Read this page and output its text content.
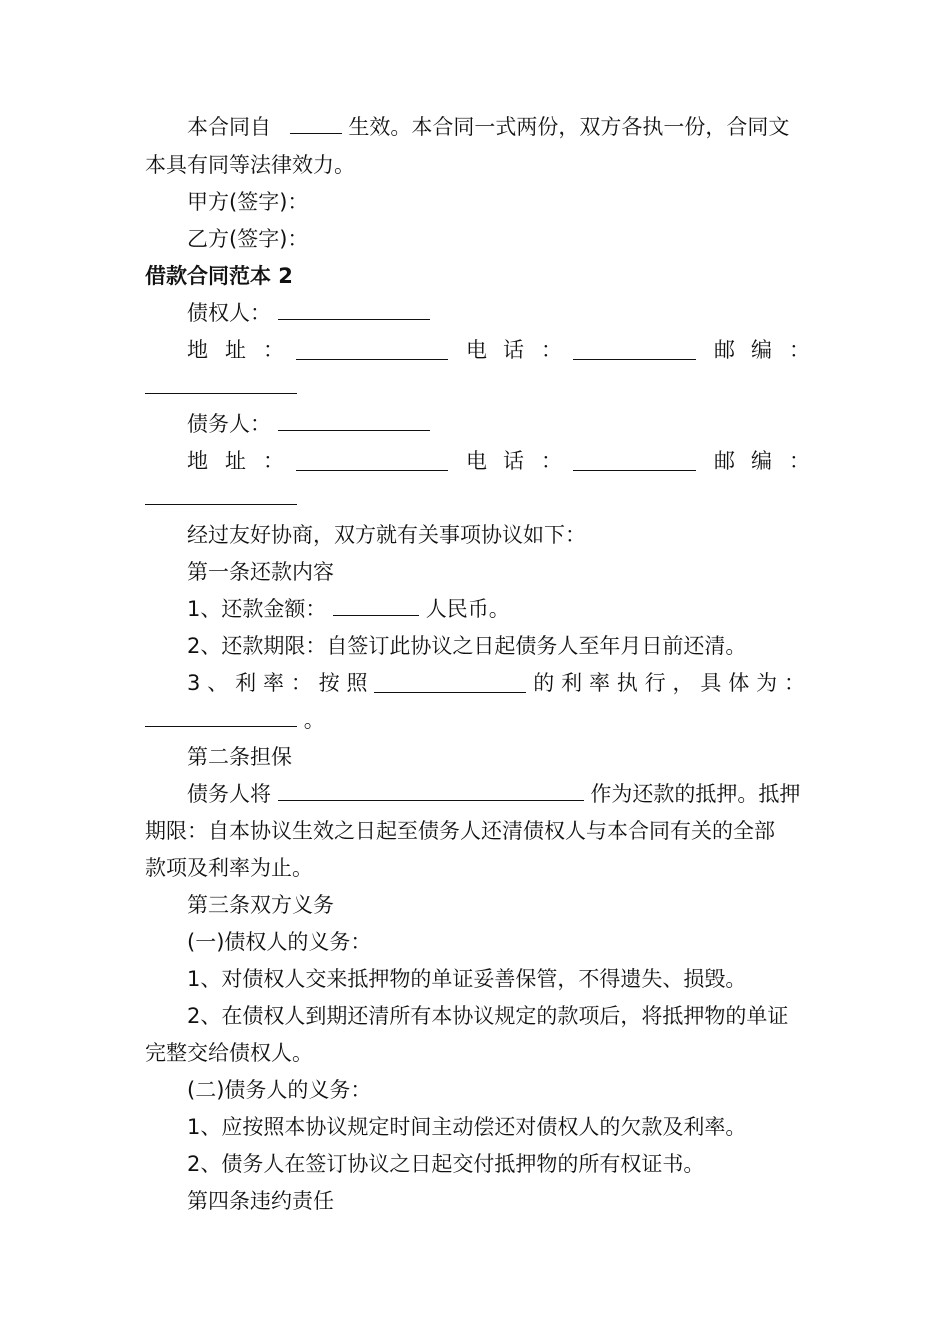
本合同自	生效。本合同一式两份，双方各执一份，合同文
本具有同等法律效力。
甲方(签字)：
乙方(签字)：
借款合同范本 2
债权人：
地 址 ：	电 话 ：	邮 编 ：
债务人：
地 址 ：	电 话 ：	邮 编 ：
经过友好协商，双方就有关事项协议如下：
第一条还款内容
1、还款金额：	人民币。
2、还款期限：自签订此协议之日起债务人至年月日前还清。
3 、 利 率 ： 按 照	的 利 率 执 行 ， 具 体 为 ：
。
第二条担保
债务人将	作为还款的抵押。抵押
期限：自本协议生效之日起至债务人还清债权人与本合同有关的全部
款项及利率为止。
第三条双方义务
(一)债权人的义务：
1、对债权人交来抵押物的单证妥善保管，不得遗失、损毁。
2、在债权人到期还清所有本协议规定的款项后，将抵押物的单证
完整交给债权人。
(二)债务人的义务：
1、应按照本协议规定时间主动偿还对债权人的欠款及利率。
2、债务人在签订协议之日起交付抵押物的所有权证书。
第四条违约责任
